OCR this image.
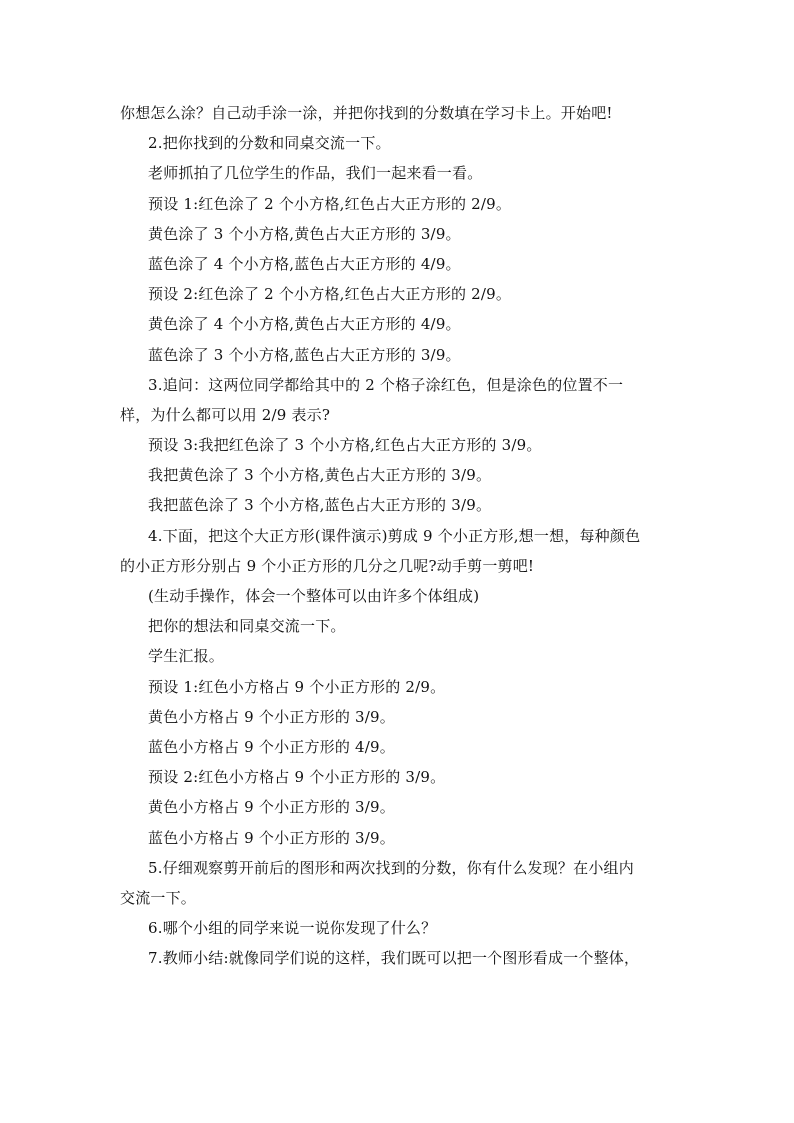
你想怎么涂？自己动手涂一涂，并把你找到的分数填在学习卡上。开始吧!
2.把你找到的分数和同桌交流一下。
老师抓拍了几位学生的作品，我们一起来看一看。
预设 1:红色涂了 2 个小方格,红色占大正方形的 2/9。
黄色涂了 3 个小方格,黄色占大正方形的 3/9。
蓝色涂了 4 个小方格,蓝色占大正方形的 4/9。
预设 2:红色涂了 2 个小方格,红色占大正方形的 2/9。
黄色涂了 4 个小方格,黄色占大正方形的 4/9。
蓝色涂了 3 个小方格,蓝色占大正方形的 3/9。
3.追问：这两位同学都给其中的 2 个格子涂红色，但是涂色的位置不一
样，为什么都可以用 2/9 表示?
预设 3:我把红色涂了 3 个小方格,红色占大正方形的 3/9。
我把黄色涂了 3 个小方格,黄色占大正方形的 3/9。
我把蓝色涂了 3 个小方格,蓝色占大正方形的 3/9。
4.下面，把这个大正方形(课件演示)剪成 9 个小正方形,想一想，每种颜色
的小正方形分别占 9 个小正方形的几分之几呢?动手剪一剪吧!
(生动手操作，体会一个整体可以由许多个体组成)
把你的想法和同桌交流一下。
学生汇报。
预设 1:红色小方格占 9 个小正方形的 2/9。
黄色小方格占 9 个小正方形的 3/9。
蓝色小方格占 9 个小正方形的 4/9。
预设 2:红色小方格占 9 个小正方形的 3/9。
黄色小方格占 9 个小正方形的 3/9。
蓝色小方格占 9 个小正方形的 3/9。
5.仔细观察剪开前后的图形和两次找到的分数，你有什么发现？在小组内
交流一下。
6.哪个小组的同学来说一说你发现了什么？
7.教师小结:就像同学们说的这样，我们既可以把一个图形看成一个整体，
